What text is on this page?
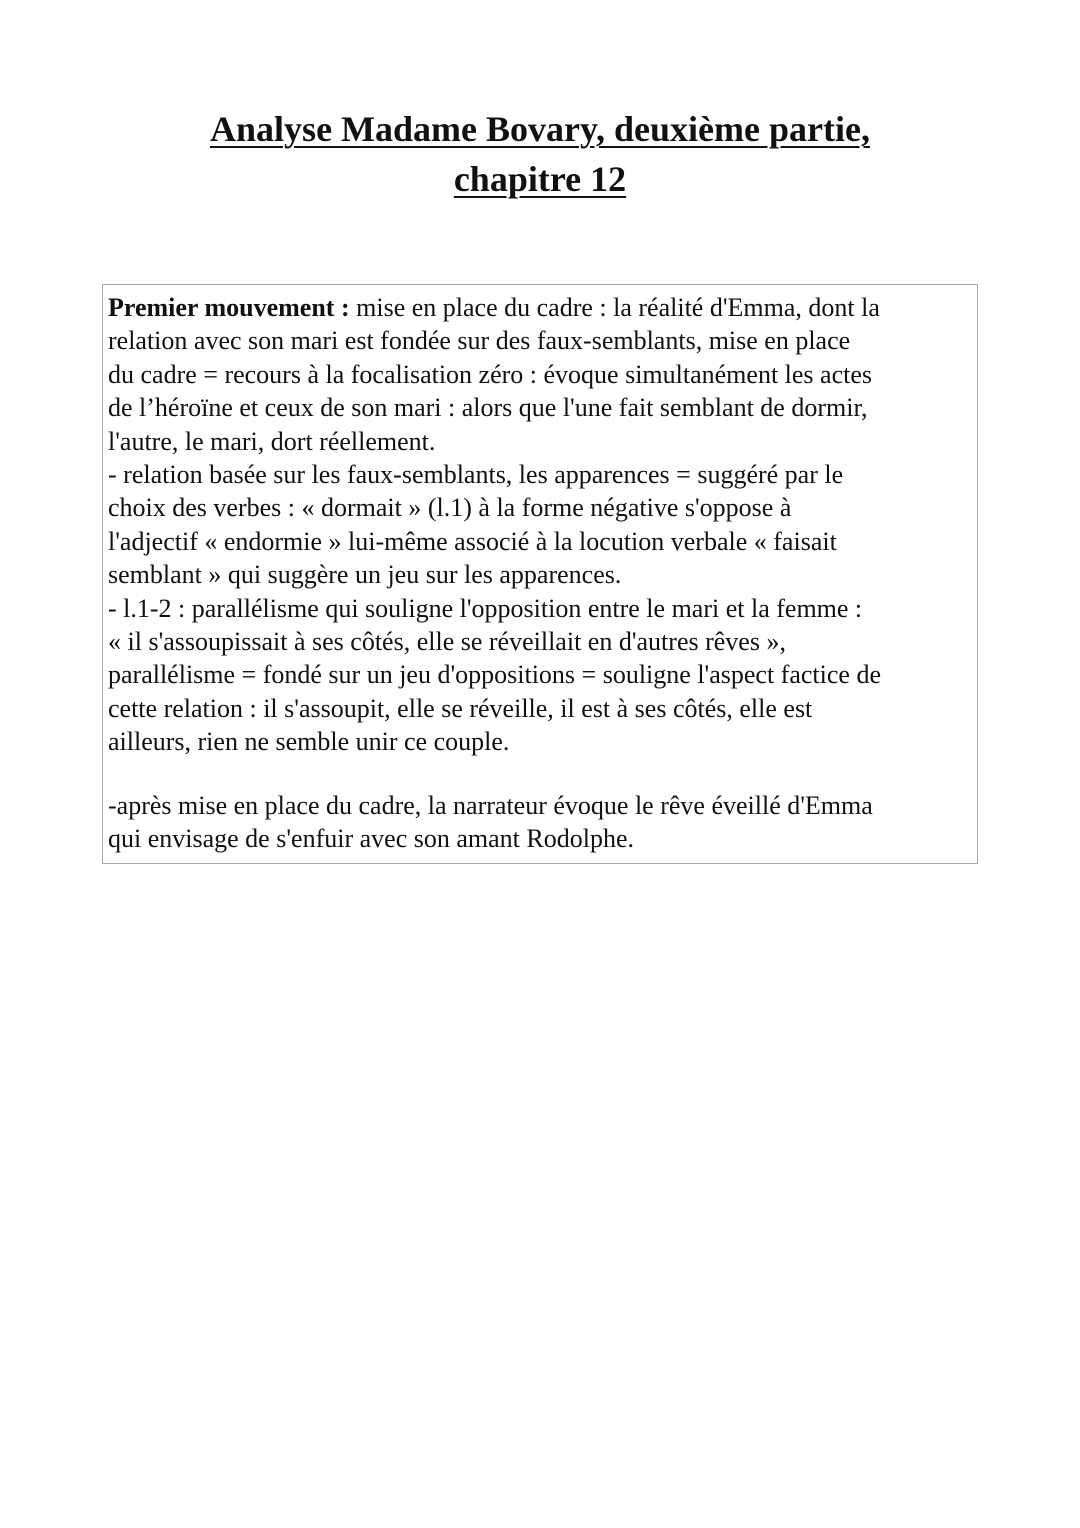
Analyse Madame Bovary, deuxième partie,
chapitre 12

Premier mouvement : mise en place du cadre : la réalité d'Emma, dont la

relation avec son mari est fondée sur des faux-semblants, mise en place

du cadre = recours à la focalisation zéro : évoque simultanément les actes

de l’héroïne et ceux de son mari : alors que l'une fait semblant de dormir,

l'autre, le mari, dort réellement.

- relation basée sur les faux-semblants, les apparences = suggéré par le

choix des verbes : « dormait » (l.1) à la forme négative s'oppose à

l'adjectif « endormie » lui-même associé à la locution verbale « faisait

semblant » qui suggère un jeu sur les apparences.

- l.1-2 : parallélisme qui souligne l'opposition entre le mari et la femme :

« il s'assoupissait à ses côtés, elle se réveillait en d'autres rêves »,

parallélisme = fondé sur un jeu d'oppositions = souligne l'aspect factice de

cette relation : il s'assoupit, elle se réveille, il est à ses côtés, elle est

ailleurs, rien ne semble unir ce couple.

-après mise en place du cadre, la narrateur évoque le rêve éveillé d'Emma

qui envisage de s'enfuir avec son amant Rodolphe.
